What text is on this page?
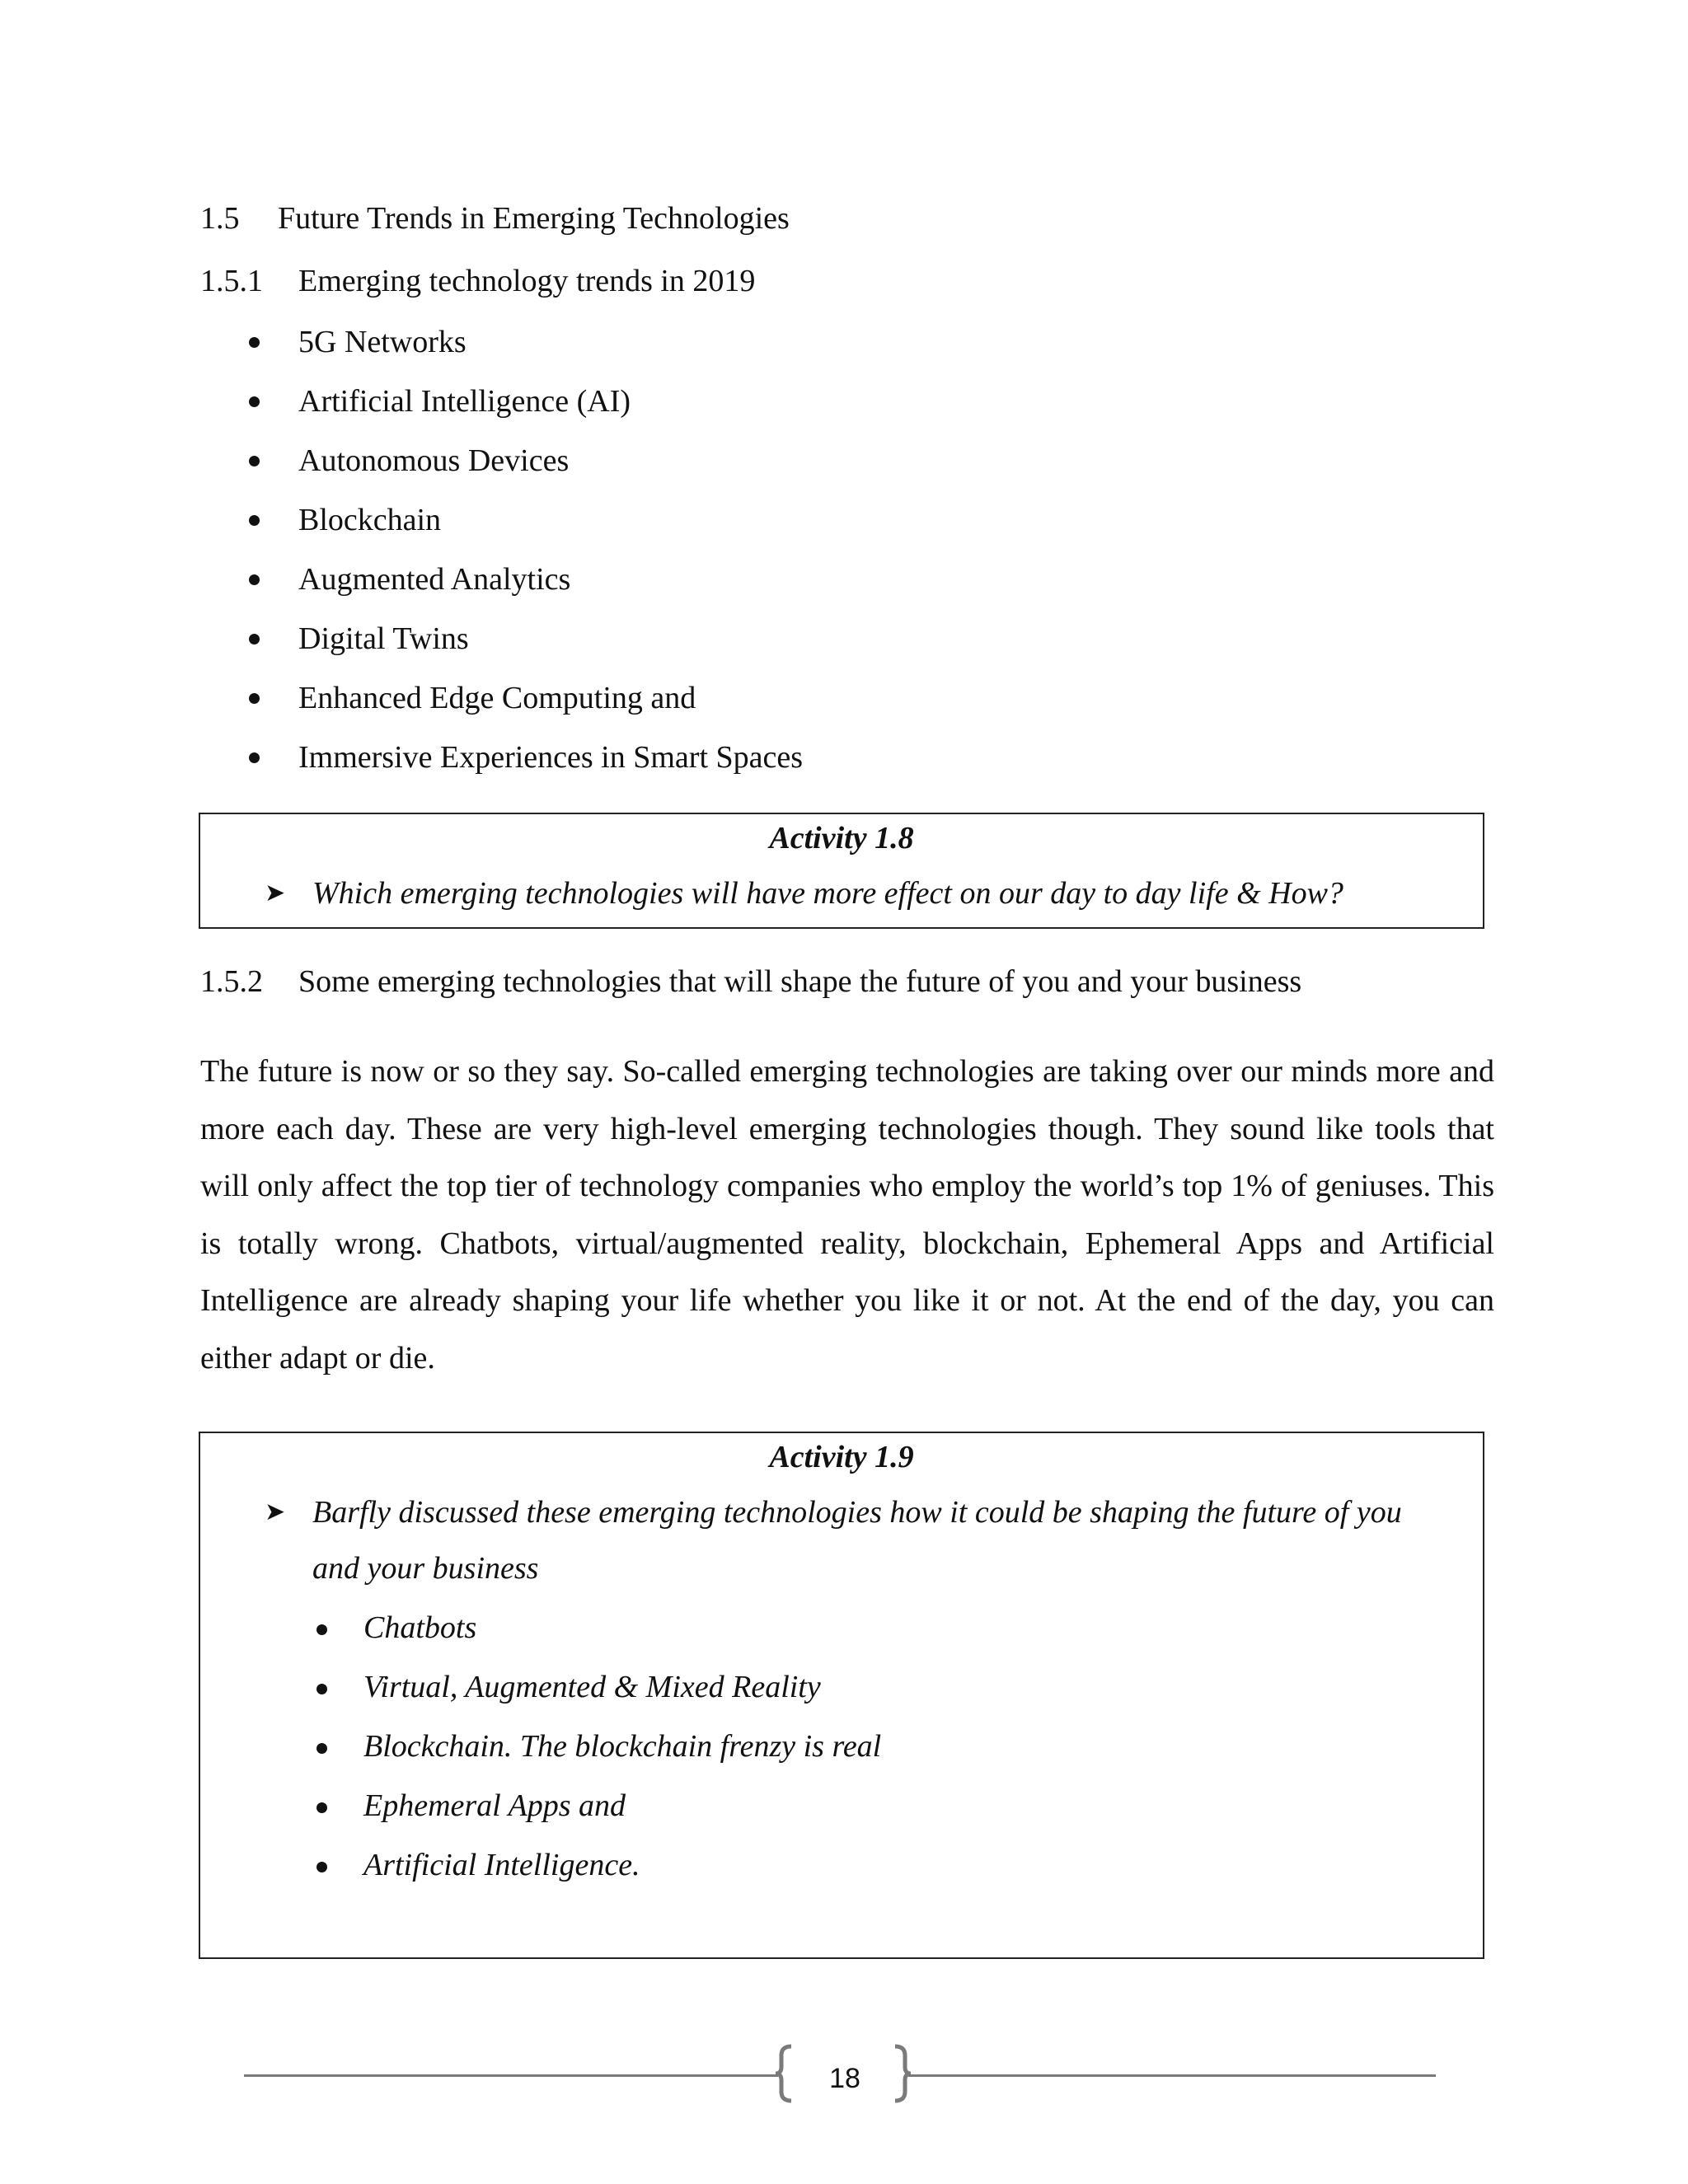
1.5 Future Trends in Emerging Technologies
1.5.1 Emerging technology trends in 2019
5G Networks
Artificial Intelligence (AI)
Autonomous Devices
Blockchain
Augmented Analytics
Digital Twins
Enhanced Edge Computing and
Immersive Experiences in Smart Spaces
Activity 1.8
➤ Which emerging technologies will have more effect on our day to day life & How?
1.5.2 Some emerging technologies that will shape the future of you and your business

The future is now or so they say. So-called emerging technologies are taking over our minds more and more each day. These are very high-level emerging technologies though. They sound like tools that will only affect the top tier of technology companies who employ the world’s top 1% of geniuses. This is totally wrong. Chatbots, virtual/augmented reality, blockchain, Ephemeral Apps and Artificial Intelligence are already shaping your life whether you like it or not. At the end of the day, you can either adapt or die.

Activity 1.9
➤ Barfly discussed these emerging technologies how it could be shaping the future of you
and your business
Chatbots
Virtual, Augmented & Mixed Reality
Blockchain. The blockchain frenzy is real
Ephemeral Apps and
Artificial Intelligence.
18
